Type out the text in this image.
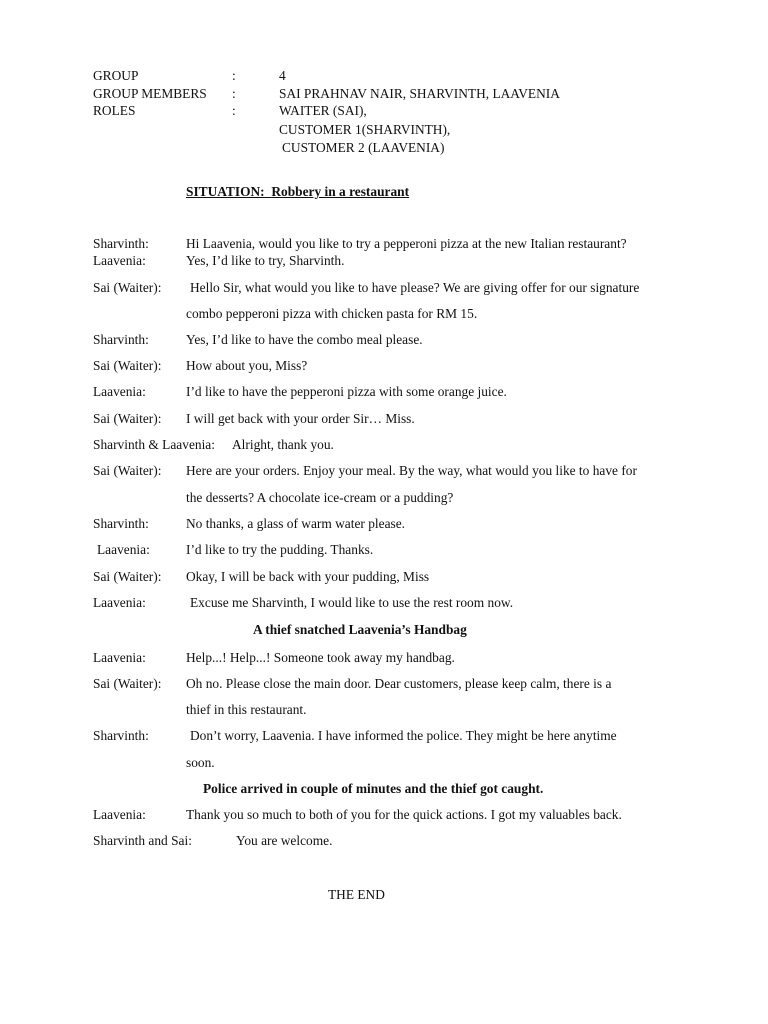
GROUP	:	4
GROUP MEMBERS :	SAI PRAHNAV NAIR, SHARVINTH, LAAVENIA
ROLES	:	WAITER (SAI),
CUSTOMER 1(SHARVINTH),
CUSTOMER 2 (LAAVENIA)
SITUATION: Robbery in a restaurant
Sharvinth:	Hi Laavenia, would you like to try a pepperoni pizza at the new Italian restaurant?
Laavenia:	Yes, I’d like to try, Sharvinth.
Sai (Waiter): Hello Sir, what would you like to have please? We are giving offer for our signature
combo pepperoni pizza with chicken pasta for RM 15.
Sharvinth:	Yes, I’d like to have the combo meal please.
Sai (Waiter): How about you, Miss?
Laavenia:	I’d like to have the pepperoni pizza with some orange juice.
Sai (Waiter): I will get back with your order Sir… Miss.
Sharvinth & Laavenia: Alright, thank you.
Sai (Waiter): Here are your orders. Enjoy your meal. By the way, what would you like to have for
the desserts? A chocolate ice-cream or a pudding?
Sharvinth:	No thanks, a glass of warm water please.
Laavenia:	I’d like to try the pudding. Thanks.
Sai (Waiter): Okay, I will be back with your pudding, Miss
Laavenia:	Excuse me Sharvinth, I would like to use the rest room now.
A thief snatched Laavenia’s Handbag
Laavenia:	Help...! Help...! Someone took away my handbag.
Sai (Waiter): Oh no. Please close the main door. Dear customers, please keep calm, there is a
thief in this restaurant.
Sharvinth:	Don’t worry, Laavenia. I have informed the police. They might be here anytime
soon.
Police arrived in couple of minutes and the thief got caught.
Laavenia:	Thank you so much to both of you for the quick actions. I got my valuables back.
Sharvinth and Sai:	You are welcome.
THE END
